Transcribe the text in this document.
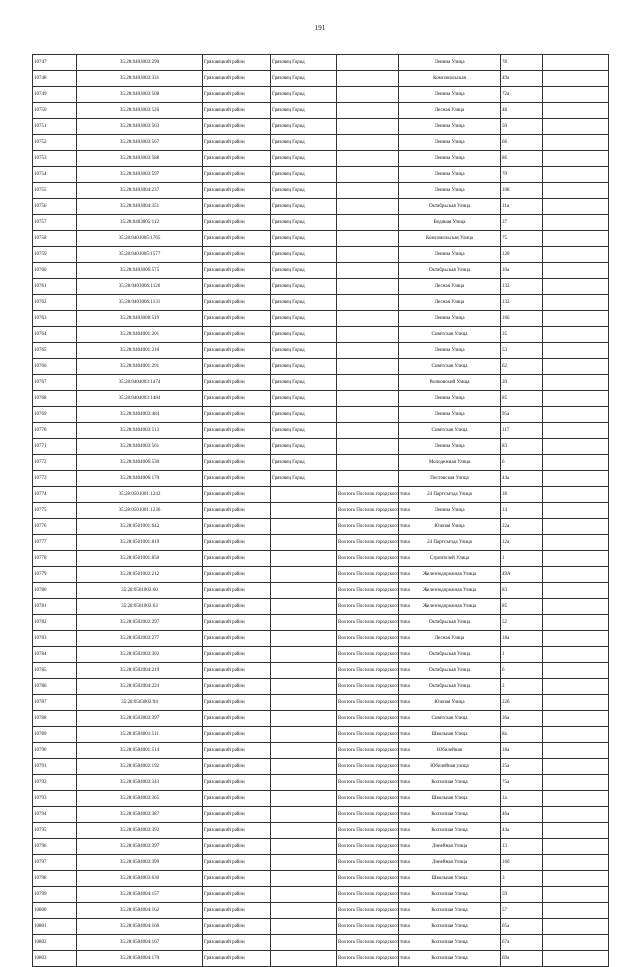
191
10747	35:28:0403003:290	Грязовецкий район	Грязовец Город		Ленина Улица	78	
10748	35:28:0403003:331	Грязовецкий район	Грязовец Город		Комсомольская	49а	
10749	35:28:0403003:508	Грязовецкий район	Грязовец Город		Ленина Улица	72а	
10750	35:28:0403003:526	Грязовецкий район	Грязовец Город		Лесная Улица	48	
10751	35:28:0403003:563	Грязовецкий район	Грязовец Город		Ленина Улица	50	
10752	35:28:0403003:567	Грязовецкий район	Грязовец Город		Ленина Улица	66	
10753	35:28:0403003:588	Грязовецкий район	Грязовец Город		Ленина Улица	86	
10754	35:28:0403003:597	Грязовецкий район	Грязовец Город		Ленина Улица	70	
10755	35:28:0403004:237	Грязовецкий район	Грязовец Город		Ленина Улица	108	
10756	35:28:0403004:351	Грязовецкий район	Грязовец Город		Октябрьская Улица	11а	
10757	35:28:0403005:112	Грязовецкий район	Грязовец Город		Водяная Улица	37	
10758	35:28:0403005:1765	Грязовецкий район	Грязовец Город		Комсомольская Улица	75	
10759	35:28:0403005:1577	Грязовецкий район	Грязовец Город		Ленина Улица	128	
10760	35:28:0403006:575	Грязовецкий район	Грязовец Город		Октябрьская Улица	10а	
10761	35:28:0403006:1126	Грязовецкий район	Грязовец Город		Лесная Улица	132	
10762	35:28:0403006:1131	Грязовецкий район	Грязовец Город		Лесная Улица	132	
10763	35:28:0403008:519	Грязовецкий район	Грязовец Город		Ленина Улица	166	
10764	35:28:0404001:201	Грязовецкий район	Грязовец Город		Советская Улица	35	
10765	35:28:0404001:210	Грязовецкий район	Грязовец Город		Ленина Улица	53	
10766	35:28:0404001:291	Грязовецкий район	Грязовец Город		Советская Улица	62	
10767	35:28:0404003:1474	Грязовецкий район	Грязовец Город		Рычковский Улица	20	
10768	35:28:0404003:1484	Грязовецкий район	Грязовец Город		Ленина Улица	85	
10769	35:28:0404003:484	Грязовецкий район	Грязовец Город		Ленина Улица	95а	
10770	35:28:0404003:513	Грязовецкий район	Грязовец Город		Советская Улица	117	
10771	35:28:0404003:561	Грязовецкий район	Грязовец Город		Ленина Улица	83	
10772	35:28:0404006:530	Грязовецкий район	Грязовец Город		Молодежная Улица	6	
10773	35:28:0404006:170	Грязовецкий район	Грязовец Город		Пестовская Улица	44а	
10774	35:28:0501001:1243	Грязовецкий район		Вохтога Поселок городского типа	24 Партсъезда Улица	18	
10775	35:28:0501001:1236	Грязовецкий район		Вохтога Поселок городского типа	Ленина Улица	14	
10776	35:28:0501001:642	Грязовецкий район		Вохтога Поселок городского типа	Южная Улица	22а	
10777	35:28:0501001:819	Грязовецкий район		Вохтога Поселок городского типа	24 Партсъезда Улица	12а	
10778	35:28:0501001:850	Грязовецкий район		Вохтога Поселок городского типа	Строителей Улица	1	
10779	35:28:0501002:212	Грязовецкий район		Вохтога Поселок городского типа	Железнодорожная Улица	49А	
10780	35:28:0501002:60	Грязовецкий район		Вохтога Поселок городского типа	Железнодорожная Улица	83	
10781	35:28:0501002:63	Грязовецкий район		Вохтога Поселок городского типа	Железнодорожная Улица	85	
10782	35:28:0502002:297	Грязовецкий район		Вохтога Поселок городского типа	Октябрьская Улица	52	
10783	35:28:0502003:277	Грязовецкий район		Вохтога Поселок городского типа	Лесная Улица	18а	
10784	35:28:0502003:302	Грязовецкий район		Вохтога Поселок городского типа	Октябрьская Улица	1	
10785	35:28:0502004:219	Грязовецкий район		Вохтога Поселок городского типа	Октябрьская Улица	6	
10786	35:28:0502004:224	Грязовецкий район		Вохтога Поселок городского типа	Октябрьская Улица	2	
10787	35:28:0503002:94	Грязовецкий район		Вохтога Поселок городского типа	Южная Улица	22б	
10788	35:28:0503003:397	Грязовецкий район		Вохтога Поселок городского типа	Советская Улица	36а	
10789	35:28:0504001:511	Грязовецкий район		Вохтога Поселок городского типа	Школьная Улица	8а	
10790	35:28:0504001:514	Грязовецкий район		Вохтога Поселок городского типа	Юбилейная	18а	
10791	35:28:0504002:192	Грязовецкий район		Вохтога Поселок городского типа	Юбилейная улица	25а	
10792	35:28:0504003:343	Грязовецкий район		Вохтога Поселок городского типа	Колхозная Улица	75а	
10793	35:28:0504003:365	Грязовецкий район		Вохтога Поселок городского типа	Школьная Улица	1а	
10794	35:28:0504003:387	Грязовецкий район		Вохтога Поселок городского типа	Колхозная Улица	46а	
10795	35:28:0504003:392	Грязовецкий район		Вохтога Поселок городского типа	Колхозная Улица	44а	
10796	35:28:0504003:397	Грязовецкий район		Вохтога Поселок городского типа	Линейная Улица	13	
10797	35:28:0504003:399	Грязовецкий район		Вохтога Поселок городского типа	Линейная Улица	16б	
10798	35:28:0504003:630	Грязовецкий район		Вохтога Поселок городского типа	Школьная Улица	3	
10799	35:28:0504004:157	Грязовецкий район		Вохтога Поселок городского типа	Колхозная Улица	59	
10800	35:28:0504004:162	Грязовецкий район		Вохтога Поселок городского типа	Колхозная Улица	57	
10801	35:28:0504004:166	Грязовецкий район		Вохтога Поселок городского типа	Колхозная Улица	65а	
10802	35:28:0504004:167	Грязовецкий район		Вохтога Поселок городского типа	Колхозная Улица	67а	
10803	35:28:0504004:170	Грязовецкий район		Вохтога Поселок городского типа	Колхозная Улица	69а	
